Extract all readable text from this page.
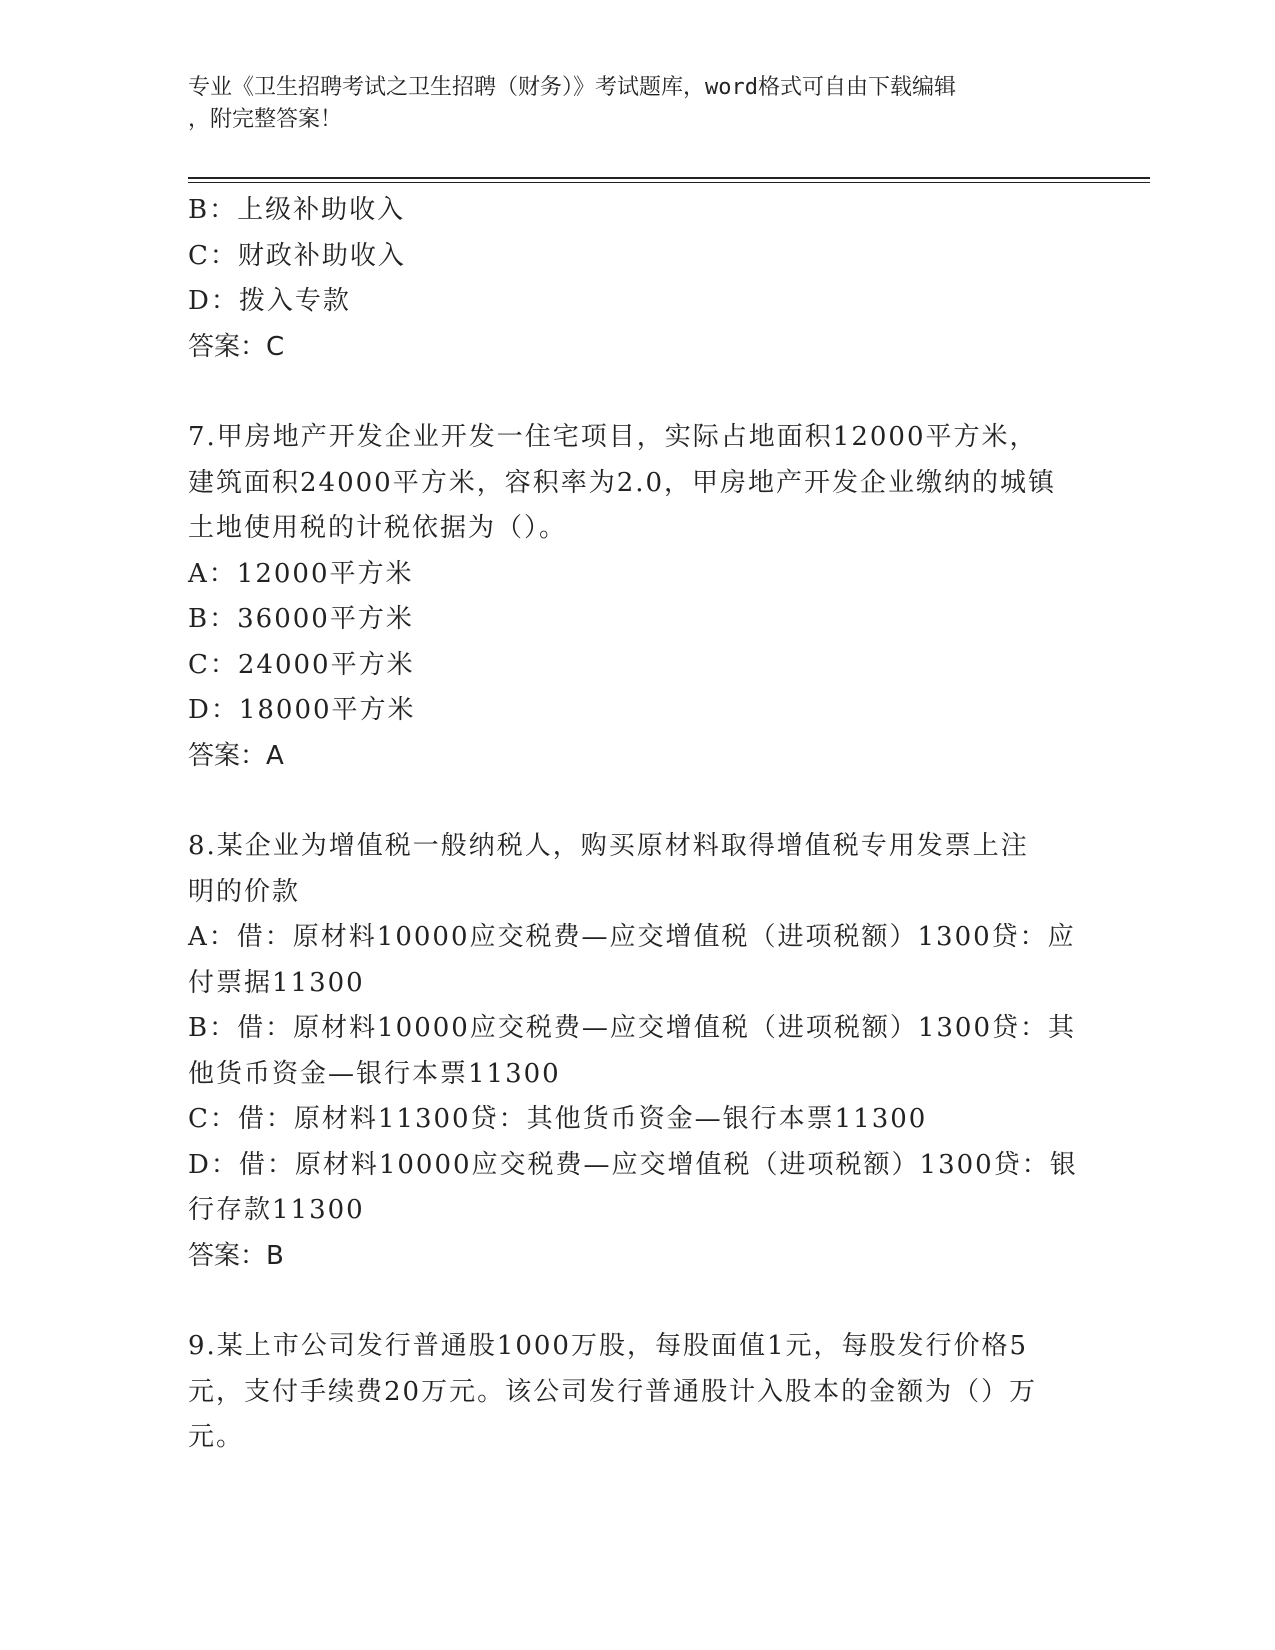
专业《卫生招聘考试之卫生招聘（财务）》考试题库，word格式可自由下载编辑
，附完整答案！
B：上级补助收入
C：财政补助收入
D：拨入专款
答案：C
7.甲房地产开发企业开发一住宅项目，实际占地面积12000平方米，
建筑面积24000平方米，容积率为2.0，甲房地产开发企业缴纳的城镇
土地使用税的计税依据为（）。
A：12000平方米
B：36000平方米
C：24000平方米
D：18000平方米
答案：A
8.某企业为增值税一般纳税人，购买原材料取得增值税专用发票上注
明的价款
A：借：原材料10000应交税费—应交增值税（进项税额）1300贷：应
付票据11300
B：借：原材料10000应交税费—应交增值税（进项税额）1300贷：其
他货币资金—银行本票11300
C：借：原材料11300贷：其他货币资金—银行本票11300
D：借：原材料10000应交税费—应交增值税（进项税额）1300贷：银
行存款11300
答案：B
9.某上市公司发行普通股1000万股，每股面值1元，每股发行价格5
元，支付手续费20万元。该公司发行普通股计入股本的金额为（）万
元。
